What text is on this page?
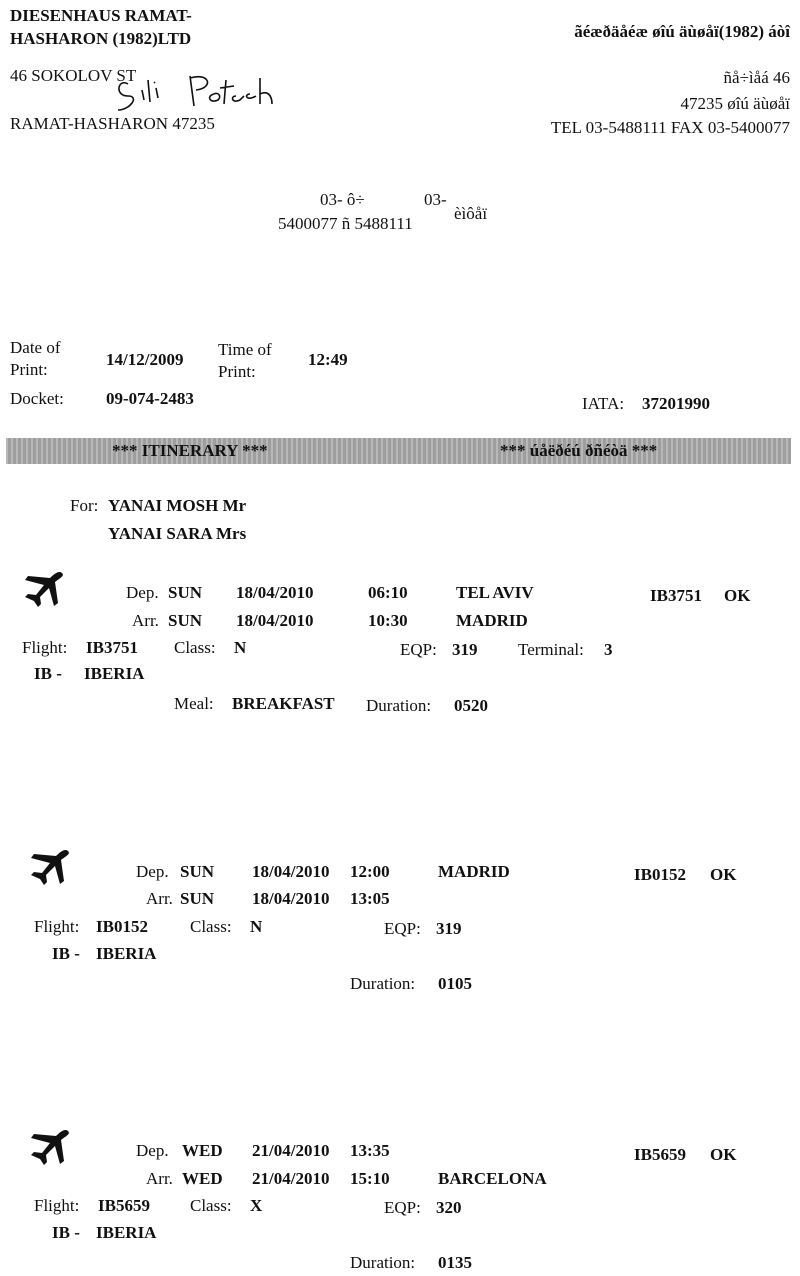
DIESENHAUS RAMAT-
HASHARON (1982)LTD
46 SOKOLOV ST
RAMAT-HASHARON 47235
ãéæðäåéæ øîú äùøåï(1982) áòî
ñå÷ìåá 46
47235 øîú äùøåï
TEL 03-5488111 FAX 03-5400077
03- ô÷	03-
5400077 ñ 5488111
èìôåï
Date of
Print:
14/12/2009
Time of
Print:
12:49
Docket: 09-074-2483	IATA: 37201990
*** ITINERARY ***	*** úåëðéú ðñéòä ***
For: YANAI MOSH Mr
YANAI SARA Mrs
Dep. SUN 18/04/2010	06:10	TEL AVIV	IB3751 OK
Arr. SUN 18/04/2010	10:30	MADRID
Flight: IB3751 Class: N	EQP: 319 Terminal: 3
IB - IBERIA
Meal: BREAKFAST Duration: 0520
Dep. SUN 18/04/2010 12:00	MADRID	IB0152 OK
Arr. SUN 18/04/2010 13:05
Flight: IB0152 Class: N	EQP: 319
IB - IBERIA
Duration: 0105
Dep. WED 21/04/2010 13:35	IB5659 OK
Arr. WED 21/04/2010 15:10	BARCELONA
Flight: IB5659 Class: X	EQP: 320
IB - IBERIA
Duration: 0135
